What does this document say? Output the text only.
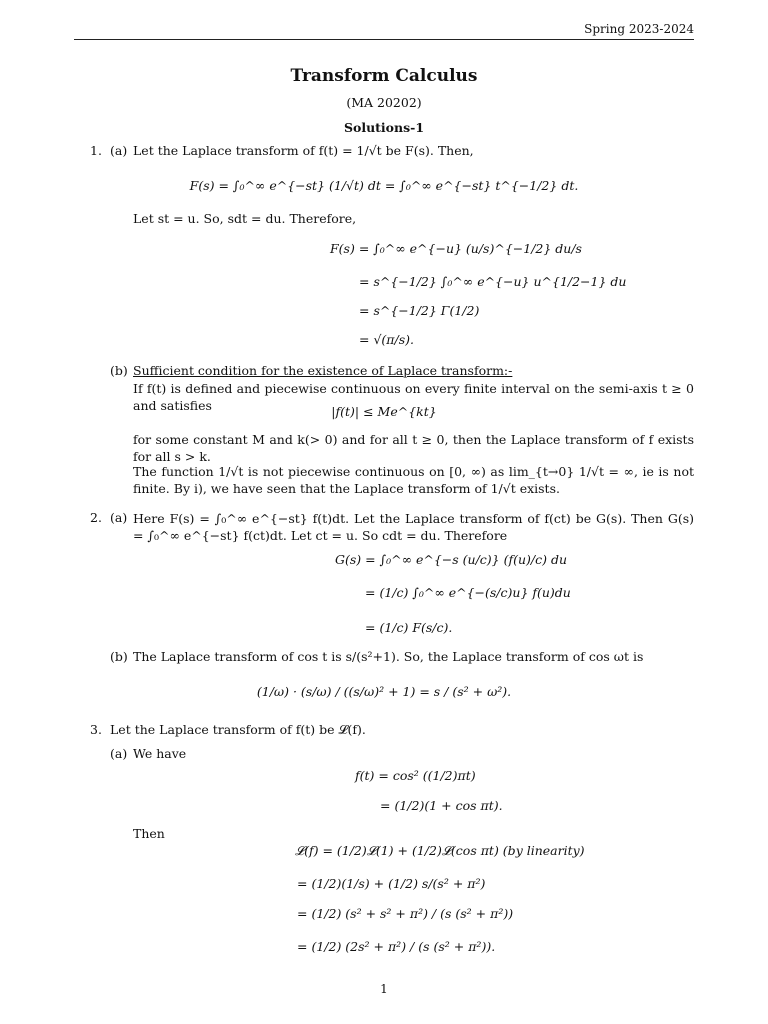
Spring 2023-2024
Transform Calculus
(MA 20202)
Solutions-1
1. (a) Let the Laplace transform of f(t) = 1/√t be F(s). Then,
F(s) = ∫₀^∞ e^{−st} (1/√t) dt = ∫₀^∞ e^{−st} t^{−1/2} dt.
Let st = u. So, sdt = du. Therefore,
F(s) = ∫₀^∞ e^{−u} (u/s)^{−1/2} du/s
= s^{−1/2} ∫₀^∞ e^{−u} u^{1/2−1} du
= s^{−1/2} Γ(1/2)
= √(π/s).
(b) Sufficient condition for the existence of Laplace transform:-
If f(t) is defined and piecewise continuous on every finite interval on the semi-axis t ≥ 0 and satisfies	|f(t)| ≤ Me^{kt}
for some constant M and k(> 0) and for all t ≥ 0, then the Laplace transform of f exists for all s > k.
The function 1/√t is not piecewise continuous on [0, ∞) as lim_{t→0} 1/√t = ∞, ie is not finite. By i), we have seen that the Laplace transform of 1/√t exists.
2. (a) Here F(s) = ∫₀^∞ e^{−st} f(t)dt. Let the Laplace transform of f(ct) be G(s). Then G(s) = ∫₀^∞ e^{−st} f(ct)dt. Let ct = u. So cdt = du. Therefore
G(s) = ∫₀^∞ e^{−s (u/c)} (f(u)/c) du
= (1/c) ∫₀^∞ e^{−(s/c)u} f(u)du
= (1/c) F(s/c).
(b) The Laplace transform of cos t is s/(s²+1). So, the Laplace transform of cos ωt is
(1/ω) · (s/ω) / ((s/ω)² + 1) = s / (s² + ω²).
3. Let the Laplace transform of f(t) be 𝓛(f).
(a) We have
f(t) = cos² ((1/2)πt)
= (1/2)(1 + cos πt).
Then
𝓛(f) = (1/2)𝓛(1) + (1/2)𝓛(cos πt) (by linearity)
= (1/2)(1/s) + (1/2) s/(s² + π²)
= (1/2) (s² + s² + π²) / (s (s² + π²))
= (1/2) (2s² + π²) / (s (s² + π²)).
1
